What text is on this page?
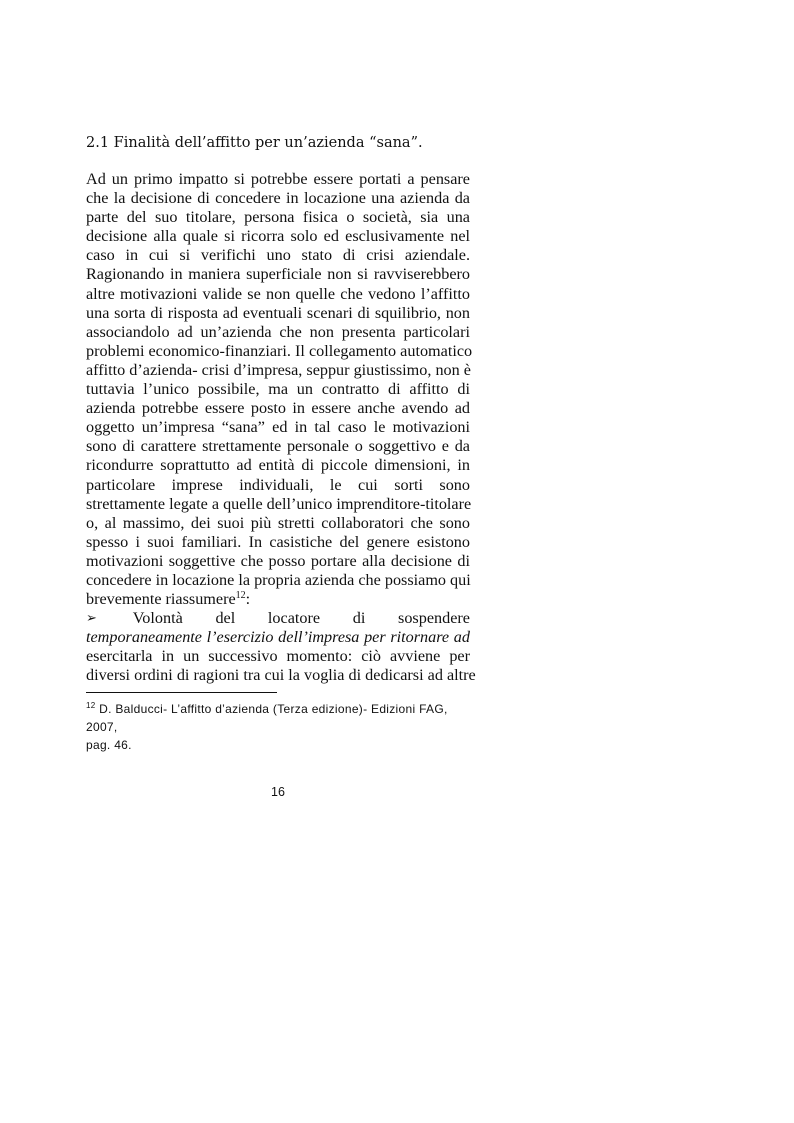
2.1 Finalità dell’affitto per un’azienda “sana”.
Ad un primo impatto si potrebbe essere portati a pensare
che la decisione di concedere in locazione una azienda da
parte del suo titolare, persona fisica o società, sia una
decisione alla quale si ricorra solo ed esclusivamente nel
caso in cui si verifichi uno stato di crisi aziendale.
Ragionando in maniera superficiale non si ravviserebbero
altre motivazioni valide se non quelle che vedono l’affitto
una sorta di risposta ad eventuali scenari di squilibrio, non
associandolo ad un’azienda che non presenta particolari
problemi economico-finanziari. Il collegamento automatico
affitto d’azienda- crisi d’impresa, seppur giustissimo, non è
tuttavia l’unico possibile, ma un contratto di affitto di
azienda potrebbe essere posto in essere anche avendo ad
oggetto un’impresa “sana” ed in tal caso le motivazioni
sono di carattere strettamente personale o soggettivo e da
ricondurre soprattutto ad entità di piccole dimensioni, in
particolare imprese individuali, le cui sorti sono
strettamente legate a quelle dell’unico imprenditore-titolare
o, al massimo, dei suoi più stretti collaboratori che sono
spesso i suoi familiari. In casistiche del genere esistono
motivazioni soggettive che posso portare alla decisione di
concedere in locazione la propria azienda che possiamo qui
brevemente riassumere$^{12}$:
➢ Volontà del locatore di sospendere
temporaneamente l’esercizio dell’impresa per ritornare ad
esercitarla in un successivo momento: ciò avviene per
diversi ordini di ragioni tra cui la voglia di dedicarsi ad altre
$^{12}$ D. Balducci- L’affitto d’azienda (Terza edizione)- Edizioni FAG, 2007,
pag. 46.
16
